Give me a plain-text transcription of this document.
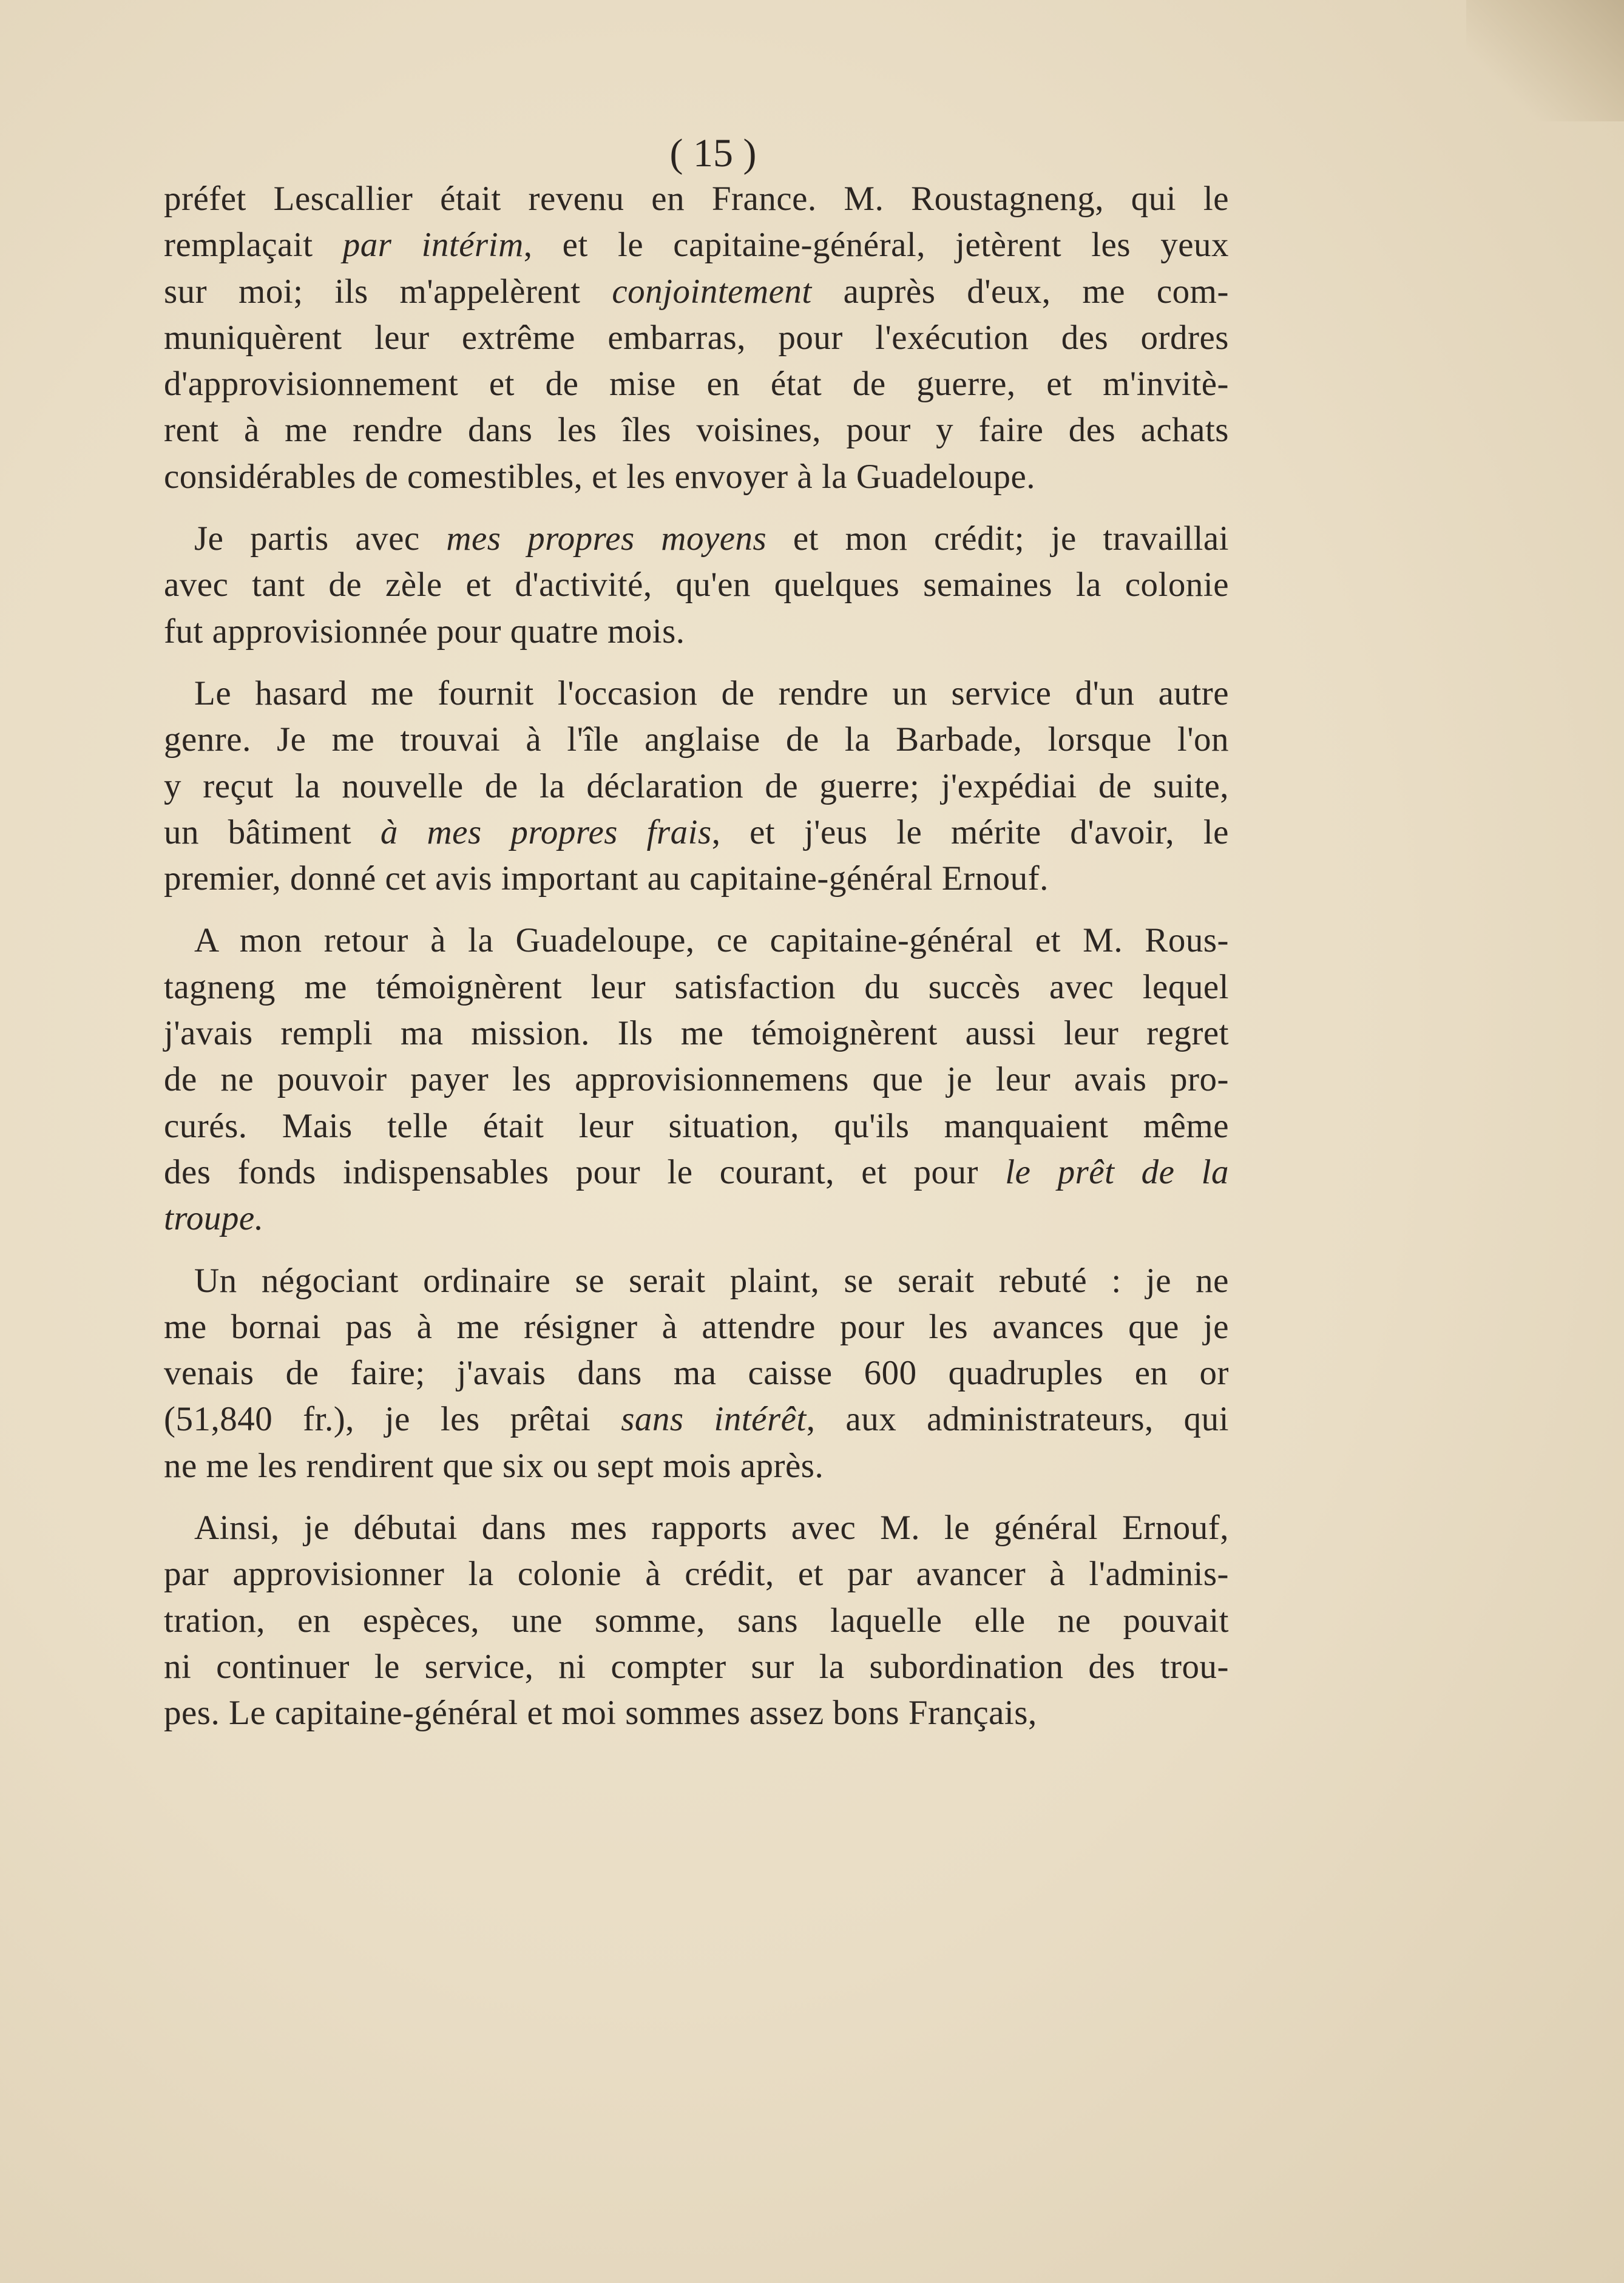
( 15 )
préfet Lescallier était revenu en France. M. Roustagneng, qui le
remplaçait par intérim, et le capitaine-général, jetèrent les yeux
sur moi; ils m'appelèrent conjointement auprès d'eux, me com-
muniquèrent leur extrême embarras, pour l'exécution des ordres
d'approvisionnement et de mise en état de guerre, et m'invitè-
rent à me rendre dans les îles voisines, pour y faire des achats
considérables de comestibles, et les envoyer à la Guadeloupe.
Je partis avec mes propres moyens et mon crédit; je travaillai
avec tant de zèle et d'activité, qu'en quelques semaines la colonie
fut approvisionnée pour quatre mois.
Le hasard me fournit l'occasion de rendre un service d'un autre
genre. Je me trouvai à l'île anglaise de la Barbade, lorsque l'on
y reçut la nouvelle de la déclaration de guerre; j'expédiai de suite,
un bâtiment à mes propres frais, et j'eus le mérite d'avoir, le
premier, donné cet avis important au capitaine-général Ernouf.
A mon retour à la Guadeloupe, ce capitaine-général et M. Rous-
tagneng me témoignèrent leur satisfaction du succès avec lequel
j'avais rempli ma mission. Ils me témoignèrent aussi leur regret
de ne pouvoir payer les approvisionnemens que je leur avais pro-
curés. Mais telle était leur situation, qu'ils manquaient même
des fonds indispensables pour le courant, et pour le prêt de la
troupe.
Un négociant ordinaire se serait plaint, se serait rebuté : je ne
me bornai pas à me résigner à attendre pour les avances que je
venais de faire; j'avais dans ma caisse 600 quadruples en or
(51,840 fr.), je les prêtai sans intérêt, aux administrateurs, qui
ne me les rendirent que six ou sept mois après.
Ainsi, je débutai dans mes rapports avec M. le général Ernouf,
par approvisionner la colonie à crédit, et par avancer à l'adminis-
tration, en espèces, une somme, sans laquelle elle ne pouvait
ni continuer le service, ni compter sur la subordination des trou-
pes. Le capitaine-général et moi sommes assez bons Français,
